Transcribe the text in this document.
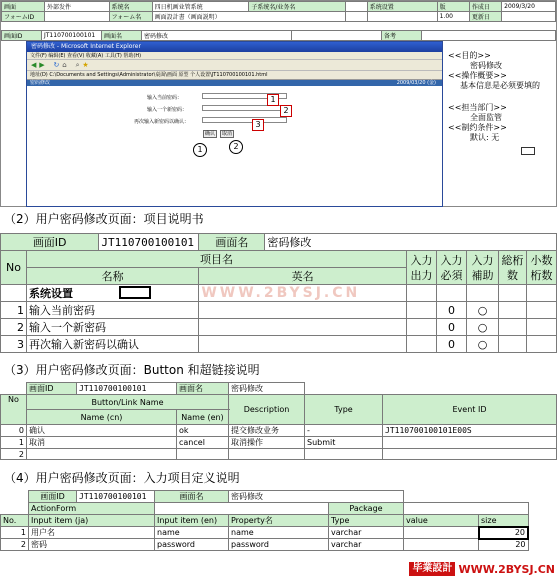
画面	外部发件	系统名	四日机画业管系统	子系统名/业务名		系统设置	版	作成日	2009/3/20
フォームID		フォーム名	画面設計書（画面説明）				1.00	更新日	
画面ID	JT110700100101	画面名	密码修改		备考	
密码修改 - Microsoft Internet Explorer
文件(F) 编辑(E) 查看(V) 收藏(A) 工具(T) 帮助(H)
◀ ▶ ↻ ⌂ ⌕ ★
地址(D) C:\Documents and Settings\Administrator\桌面\画面 原型 个人设置\JT110700100101.html
密码修改	2009/03/20 (金)
输入当前密码：
输入一个新密码：
再次输入新密码以确认：
1
2
3
确认	取消
1	2
<<目的>>
密码修改
<<操作概要>>
基本信息是必须要填的
<<担当部门>>
全面监管
<<制约条件>>
默认: 无
（2）用户密码修改页面：项目说明书
画面ID		JT110700100101	画面名	密码修改					
No	项目名				入力出力	入力必須	入力補助	総桁数	小数桁数
	名称		英名						
	系统设置		WWW.2BYSJ.CN						
1	输入当前密码					0	○		
2	输入一个新密码					0	○		
3	再次输入新密码以确认					0	○		
（3）用户密码修改页面：Button 和超链接说明
	画面ID	JT110700100101	画面名	密码修改		
No	Button/Link Name			Description	Type	Event ID
	Name (cn)		Name (en)			
0	确认		ok	提交修改业务	-	JT110700100101E00S
1	取消		cancel	取消操作	Submit	
2						
（4）用户密码修改页面：入力项目定义说明
	画面ID	JT110700100101	画面名	密码修改			
	ActionForm				Package		
No.	Input item (ja)		Input item (en)	Property名	Type	value	size
1	用户名		name	name	varchar		20
2	密码		password	password	varchar		20
毕業設計 WWW.2BYSJ.CN
